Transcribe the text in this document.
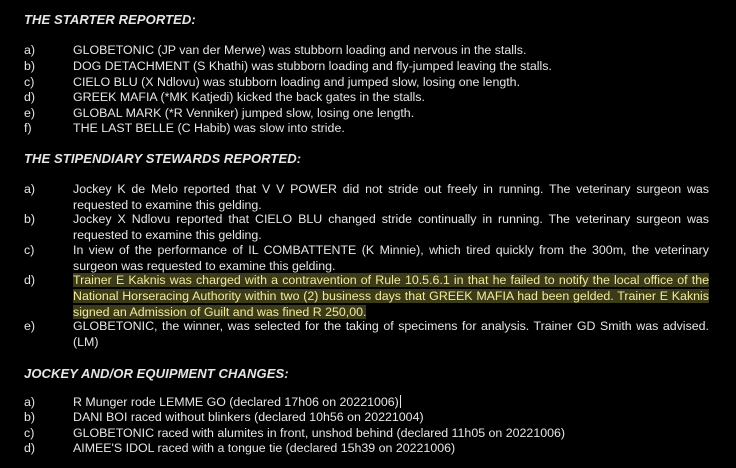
THE STARTER REPORTED:
a)	GLOBETONIC (JP van der Merwe) was stubborn loading and nervous in the stalls.
b)	DOG DETACHMENT (S Khathi) was stubborn loading and fly-jumped leaving the stalls.
c)	CIELO BLU (X Ndlovu) was stubborn loading and jumped slow, losing one length.
d)	GREEK MAFIA (*MK Katjedi) kicked the back gates in the stalls.
e)	GLOBAL MARK (*R Venniker) jumped slow, losing one length.
f)	THE LAST BELLE (C Habib) was slow into stride.
THE STIPENDIARY STEWARDS REPORTED:
a)	Jockey K de Melo reported that V V POWER did not stride out freely in running. The veterinary surgeon was requested to examine this gelding.
b)	Jockey X Ndlovu reported that CIELO BLU changed stride continually in running. The veterinary surgeon was requested to examine this gelding.
c)	In view of the performance of IL COMBATTENTE (K Minnie), which tired quickly from the 300m, the veterinary surgeon was requested to examine this gelding.
d)	Trainer E Kaknis was charged with a contravention of Rule 10.5.6.1 in that he failed to notify the local office of the National Horseracing Authority within two (2) business days that GREEK MAFIA had been gelded. Trainer E Kaknis signed an Admission of Guilt and was fined R 250,00.
e)	GLOBETONIC, the winner, was selected for the taking of specimens for analysis. Trainer GD Smith was advised. (LM)
JOCKEY AND/OR EQUIPMENT CHANGES:
a)	R Munger rode LEMME GO (declared 17h06 on 20221006)
b)	DANI BOI raced without blinkers (declared 10h56 on 20221004)
c)	GLOBETONIC raced with alumites in front, unshod behind (declared 11h05 on 20221006)
d)	AIMEE'S IDOL raced with a tongue tie (declared 15h39 on 20221006)
